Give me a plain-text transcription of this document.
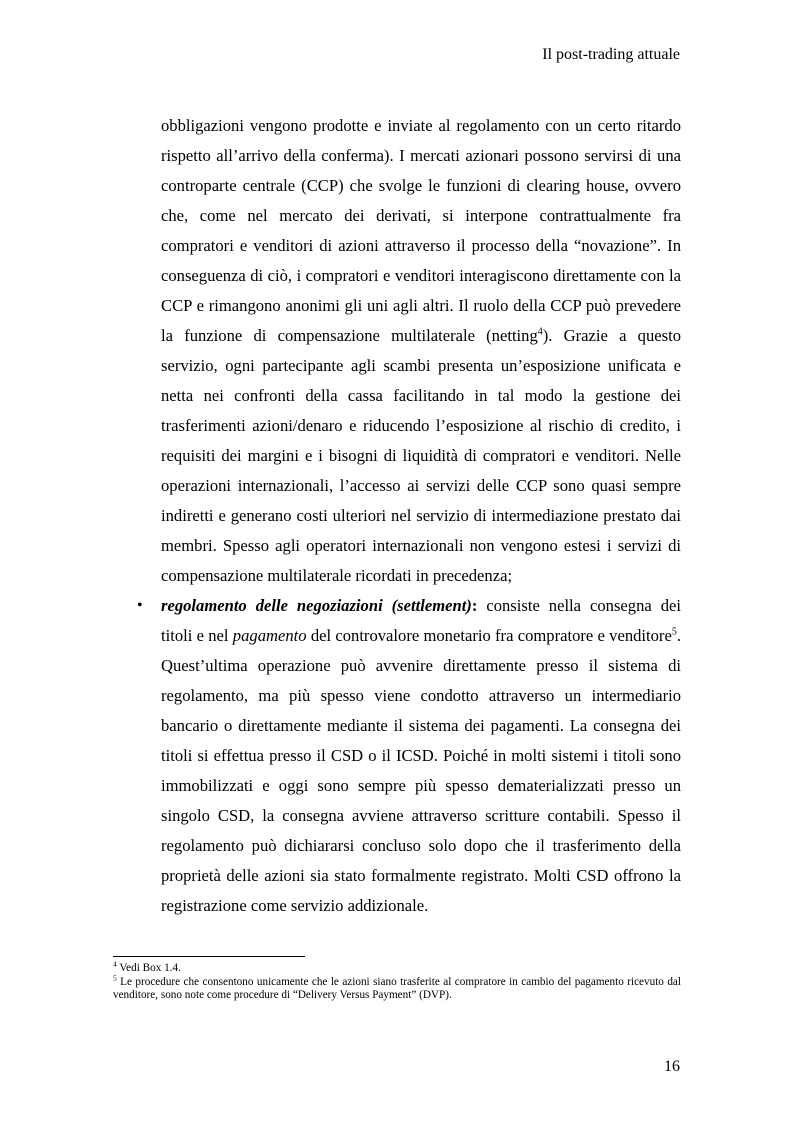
Il post-trading attuale

obbligazioni vengono prodotte e inviate al regolamento con un certo ritardo rispetto all’arrivo della conferma). I mercati azionari possono servirsi di una controparte centrale (CCP) che svolge le funzioni di clearing house, ovvero che, come nel mercato dei derivati, si interpone contrattualmente fra compratori e venditori di azioni attraverso il processo della “novazione”. In conseguenza di ciò, i compratori e venditori interagiscono direttamente con la CCP e rimangono anonimi gli uni agli altri. Il ruolo della CCP può prevedere la funzione di compensazione multilaterale (netting$^4$). Grazie a questo servizio, ogni partecipante agli scambi presenta un’esposizione unificata e netta nei confronti della cassa facilitando in tal modo la gestione dei trasferimenti azioni/denaro e riducendo l’esposizione al rischio di credito, i requisiti dei margini e i bisogni di liquidità di compratori e venditori. Nelle operazioni internazionali, l’accesso ai servizi delle CCP sono quasi sempre indiretti e generano costi ulteriori nel servizio di intermediazione prestato dai membri. Spesso agli operatori internazionali non vengono estesi i servizi di compensazione multilaterale ricordati in precedenza;

• regolamento delle negoziazioni (settlement): consiste nella consegna dei titoli e nel pagamento del controvalore monetario fra compratore e venditore$^5$. Quest’ultima operazione può avvenire direttamente presso il sistema di regolamento, ma più spesso viene condotto attraverso un intermediario bancario o direttamente mediante il sistema dei pagamenti. La consegna dei titoli si effettua presso il CSD o il ICSD. Poiché in molti sistemi i titoli sono immobilizzati e oggi sono sempre più spesso dematerializzati presso un singolo CSD, la consegna avviene attraverso scritture contabili. Spesso il regolamento può dichiararsi concluso solo dopo che il trasferimento della proprietà delle azioni sia stato formalmente registrato. Molti CSD offrono la registrazione come servizio addizionale.

$^4$ Vedi Box 1.4.

$^5$ Le procedure che consentono unicamente che le azioni siano trasferite al compratore in cambio del pagamento ricevuto dal venditore, sono note come procedure di “Delivery Versus Payment” (DVP).

16
